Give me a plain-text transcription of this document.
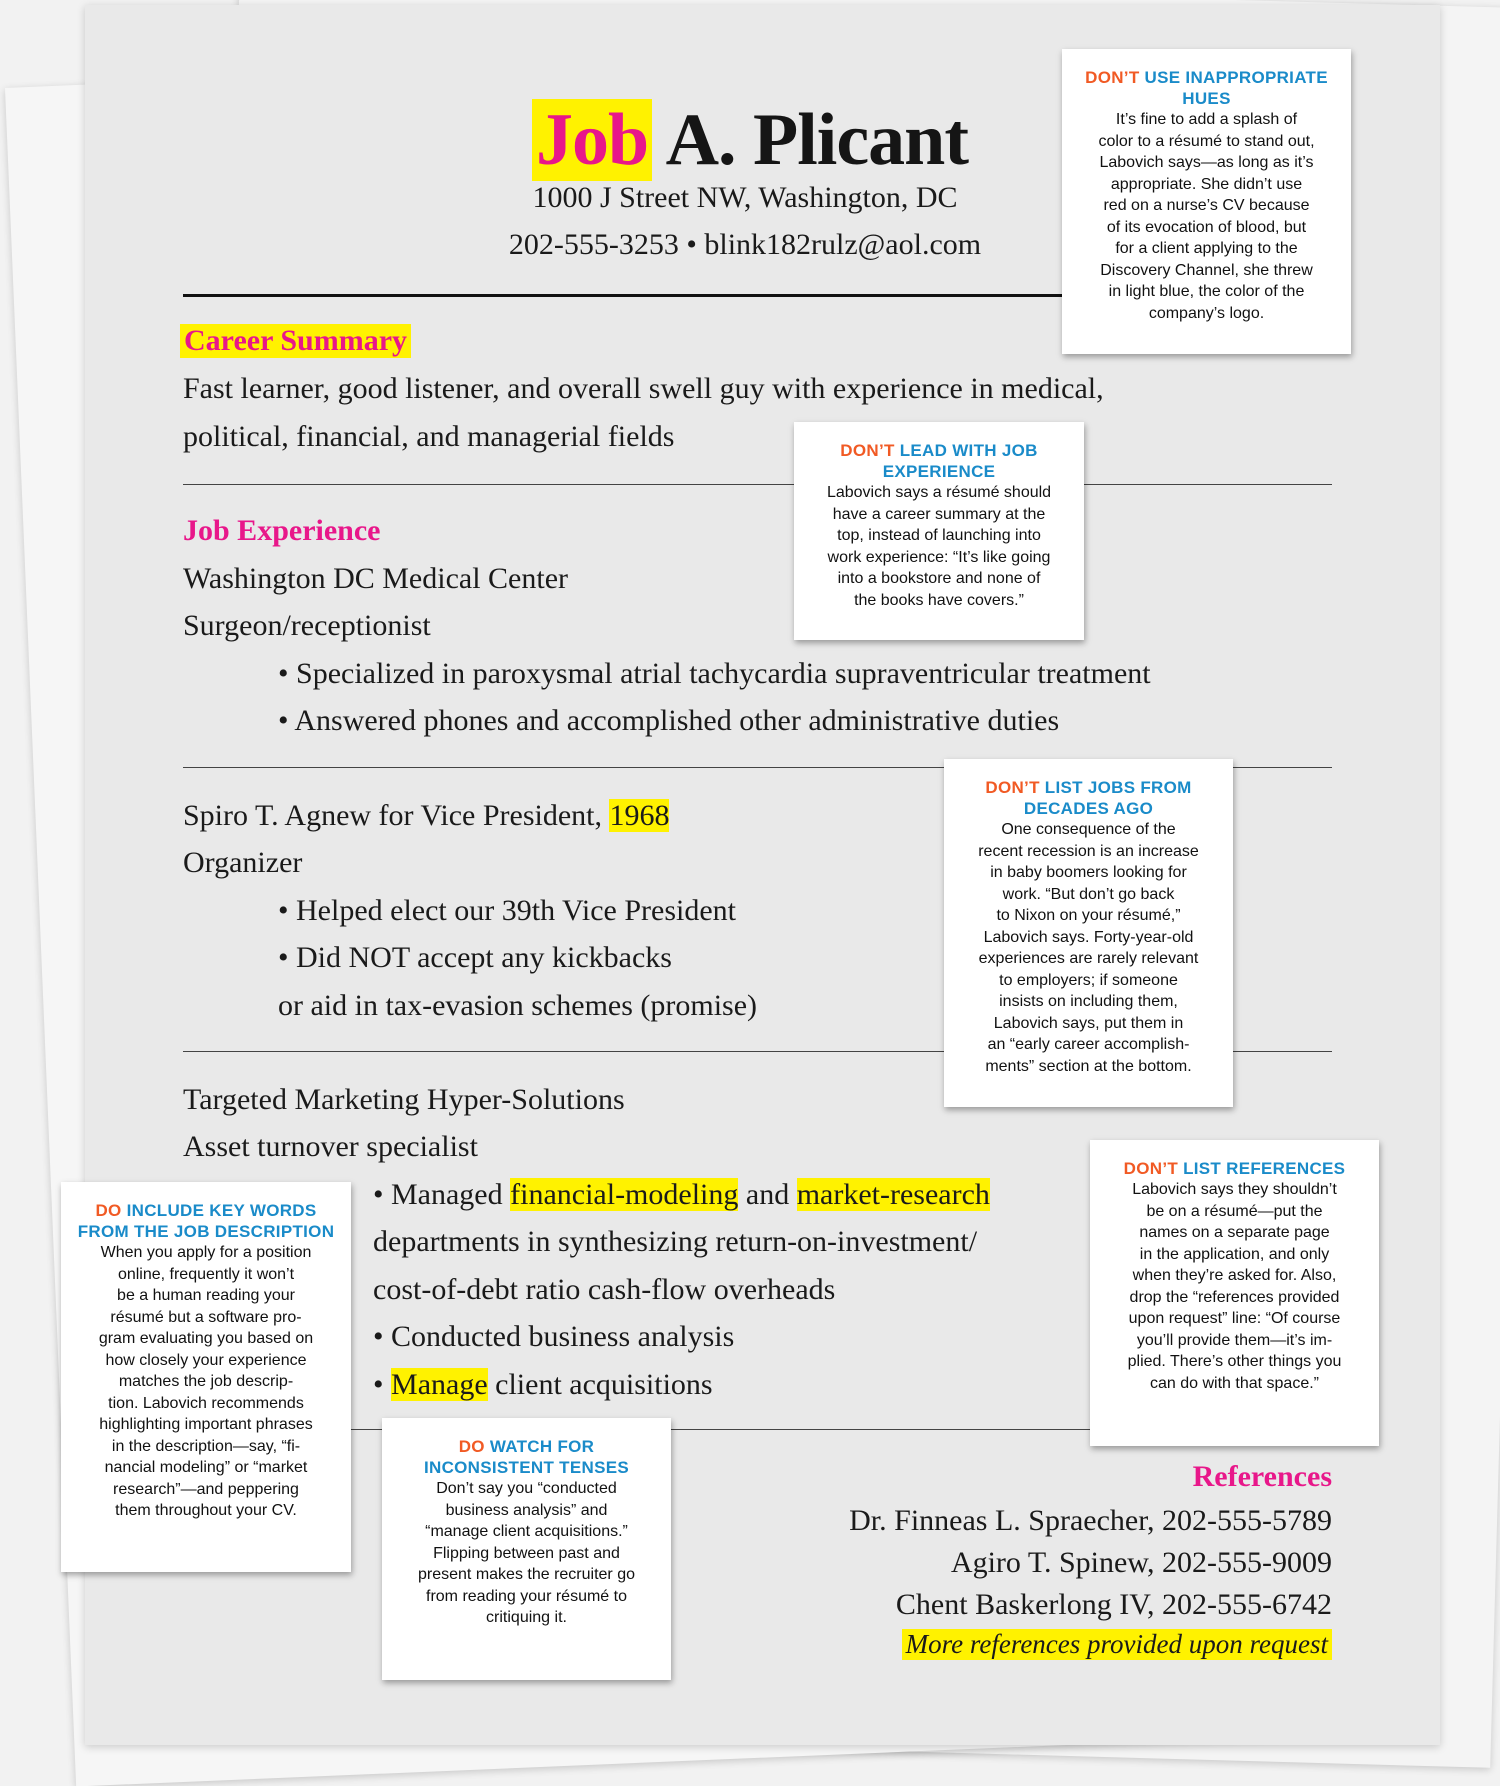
Job A. Plicant
1000 J Street NW, Washington, DC
202-555-3253 • blink182rulz@aol.com
Career Summary
Fast learner, good listener, and overall swell guy with experience in medical,
political, financial, and managerial fields
Job Experience
Washington DC Medical Center
Surgeon/receptionist
• Specialized in paroxysmal atrial tachycardia supraventricular treatment
• Answered phones and accomplished other administrative duties
Spiro T. Agnew for Vice President, 1968
Organizer
• Helped elect our 39th Vice President
• Did NOT accept any kickbacks
or aid in tax-evasion schemes (promise)
Targeted Marketing Hyper-Solutions
Asset turnover specialist
• Managed financial-modeling and market-research
departments in synthesizing return-on-investment/
cost-of-debt ratio cash-flow overheads
• Conducted business analysis
• Manage client acquisitions
References
Dr. Finneas L. Spraecher, 202-555-5789
Agiro T. Spinew, 202-555-9009
Chent Baskerlong IV, 202-555-6742
More references provided upon request

DON’T USE INAPPROPRIATE HUES

It’s fine to add a splash of
color to a résumé to stand out,
Labovich says—as long as it’s
appropriate. She didn’t use
red on a nurse’s CV because
of its evocation of blood, but
for a client applying to the
Discovery Channel, she threw
in light blue, the color of the
company’s logo.

DON’T LEAD WITH JOB EXPERIENCE

Labovich says a résumé should
have a career summary at the
top, instead of launching into
work experience: “It’s like going
into a bookstore and none of
the books have covers.”

DON’T LIST JOBS FROM DECADES AGO

One consequence of the
recent recession is an increase
in baby boomers looking for
work. “But don’t go back
to Nixon on your résumé,”
Labovich says. Forty-year-old
experiences are rarely relevant
to employers; if someone
insists on including them,
Labovich says, put them in
an “early career accomplish-
ments” section at the bottom.

DO INCLUDE KEY WORDS FROM THE JOB DESCRIPTION

When you apply for a position
online, frequently it won’t
be a human reading your
résumé but a software pro-
gram evaluating you based on
how closely your experience
matches the job descrip-
tion. Labovich recommends
highlighting important phrases
in the description—say, “fi-
nancial modeling” or “market
research”—and peppering
them throughout your CV.

DON’T LIST REFERENCES

Labovich says they shouldn’t
be on a résumé—put the
names on a separate page
in the application, and only
when they’re asked for. Also,
drop the “references provided
upon request” line: “Of course
you’ll provide them—it’s im-
plied. There’s other things you
can do with that space.”

DO WATCH FOR INCONSISTENT TENSES

Don’t say you “conducted
business analysis” and
“manage client acquisitions.”
Flipping between past and
present makes the recruiter go
from reading your résumé to
critiquing it.
